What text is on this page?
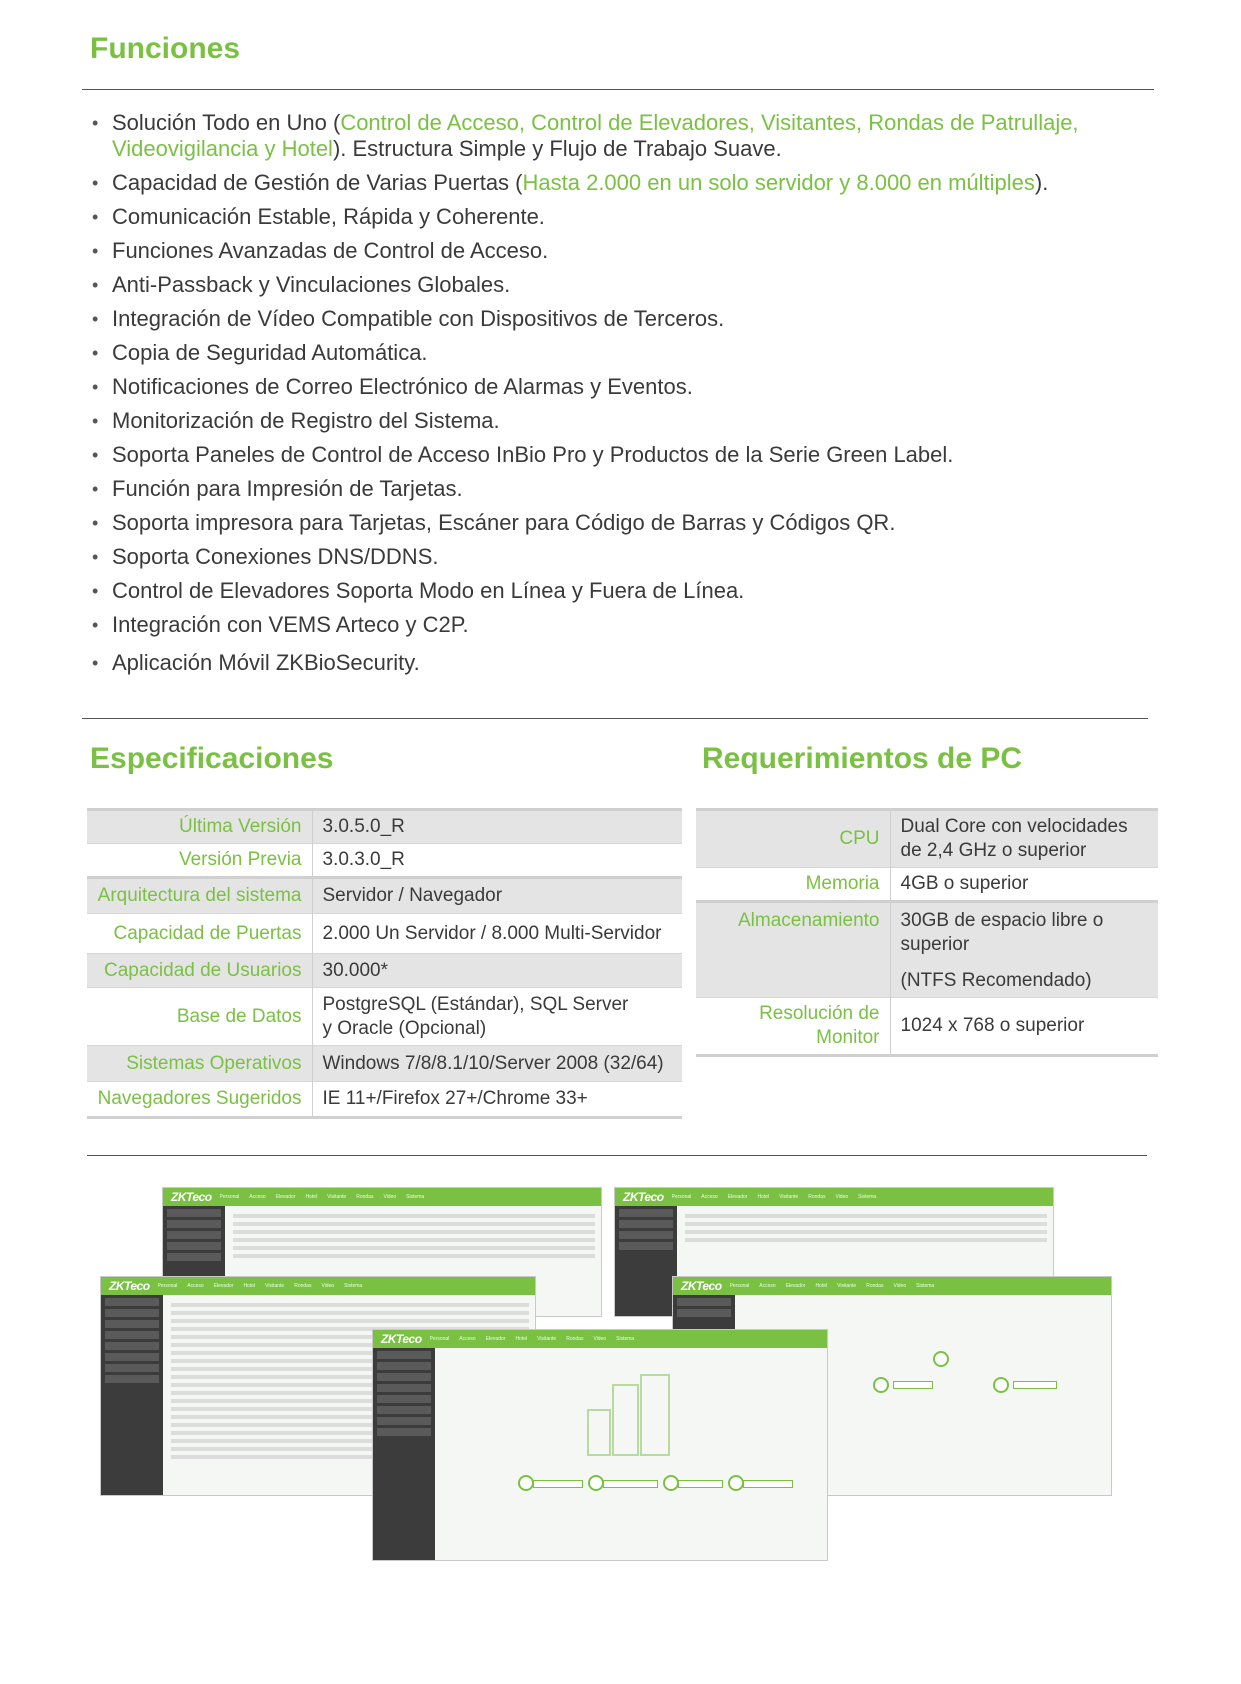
Funciones
• Solución Todo en Uno (Control de Acceso, Control de Elevadores, Visitantes, Rondas de Patrullaje, Videovigilancia y Hotel). Estructura Simple y Flujo de Trabajo Suave.
• Capacidad de Gestión de Varias Puertas (Hasta 2.000 en un solo servidor y 8.000 en múltiples).
• Comunicación Estable, Rápida y Coherente.
• Funciones Avanzadas de Control de Acceso.
• Anti-Passback y Vinculaciones Globales.
• Integración de Vídeo Compatible con Dispositivos de Terceros.
• Copia de Seguridad Automática.
• Notificaciones de Correo Electrónico de Alarmas y Eventos.
• Monitorización de Registro del Sistema.
• Soporta Paneles de Control de Acceso InBio Pro y Productos de la Serie Green Label.
• Función para Impresión de Tarjetas.
• Soporta impresora para Tarjetas, Escáner para Código de Barras y Códigos QR.
• Soporta Conexiones DNS/DDNS.
• Control de Elevadores Soporta Modo en Línea y Fuera de Línea.
• Integración con VEMS Arteco y C2P.
• Aplicación Móvil ZKBioSecurity.
Especificaciones	Requerimientos de PC
Última Versión	3.0.5.0_R
Versión Previa	3.0.3.0_R
Arquitectura del sistema	Servidor / Navegador
Capacidad de Puertas	2.000 Un Servidor / 8.000 Multi-Servidor
Capacidad de Usuarios	30.000*
Base de Datos	PostgreSQL (Estándar), SQL Server
y Oracle (Opcional)

Sistemas Operativos	Windows 7/8/8.1/10/Server 2008 (32/64)
Navegadores Sugeridos	IE 11+/Firefox 27+/Chrome 33+
CPU	Dual Core con velocidades
de 2,4 GHz o superior

Memoria	4GB o superior
Almacenamiento	30GB de espacio libre o superior
(NTFS Recomendado)

Resolución de Monitor	1024 x 768 o superior
ZKTeco	Personal Acceso Elevador Hotel Visitante Rondas Video Sistema	ZKTeco	Personal Acceso Elevador Hotel Visitante Rondas Video Sistema
ZKTeco	Personal Acceso Elevador Hotel Visitante Rondas Video Sistema	ZKTeco	Personal Acceso Elevador Hotel Visitante Rondas Video Sistema
ZKTeco	Personal Acceso Elevador Hotel Visitante Rondas Video Sistema
